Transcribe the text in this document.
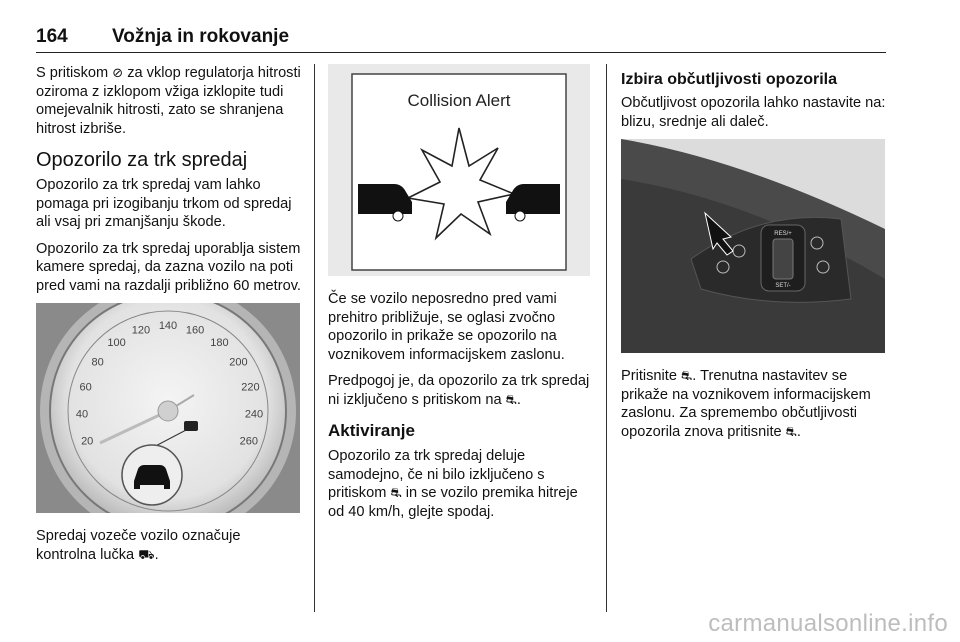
164 Vožnja in rokovanje

S pritiskom ⊘ za vklop regulatorja hitrosti oziroma z izklopom vžiga izklopite tudi omejevalnik hitrosti, zato se shranjena hitrost izbriše.

Opozorilo za trk spredaj

Opozorilo za trk spredaj vam lahko pomaga pri izogibanju trkom od spredaj ali vsaj pri zmanjšanju škode.

Opozorilo za trk spredaj uporablja sistem kamere spredaj, da zazna vozilo na poti pred vami na razdalji približno 60 metrov.

20
40
60
80
100
120 140 160
180
200
220
240
260

Spredaj vozeče vozilo označuje kontrolna lučka ⛟.

Collision Alert

Če se vozilo neposredno pred vami prehitro približuje, se oglasi zvočno opozorilo in prikaže se opozorilo na voznikovem informacijskem zaslonu.

Predpogoj je, da opozorilo za trk spredaj ni izključeno s pritiskom na ⛐.

Aktiviranje

Opozorilo za trk spredaj deluje samodejno, če ni bilo izključeno s pritiskom ⛐ in se vozilo premika hitreje od 40 km/h, glejte spodaj.

Izbira občutljivosti opozorila

Občutljivost opozorila lahko nastavite na: blizu, srednje ali daleč.

RES/+
SET/-

Pritisnite ⛐. Trenutna nastavitev se prikaže na voznikovem informacijskem zaslonu. Za spremembo občutljivosti opozorila znova pritisnite ⛐.

carmanualsonline.info
